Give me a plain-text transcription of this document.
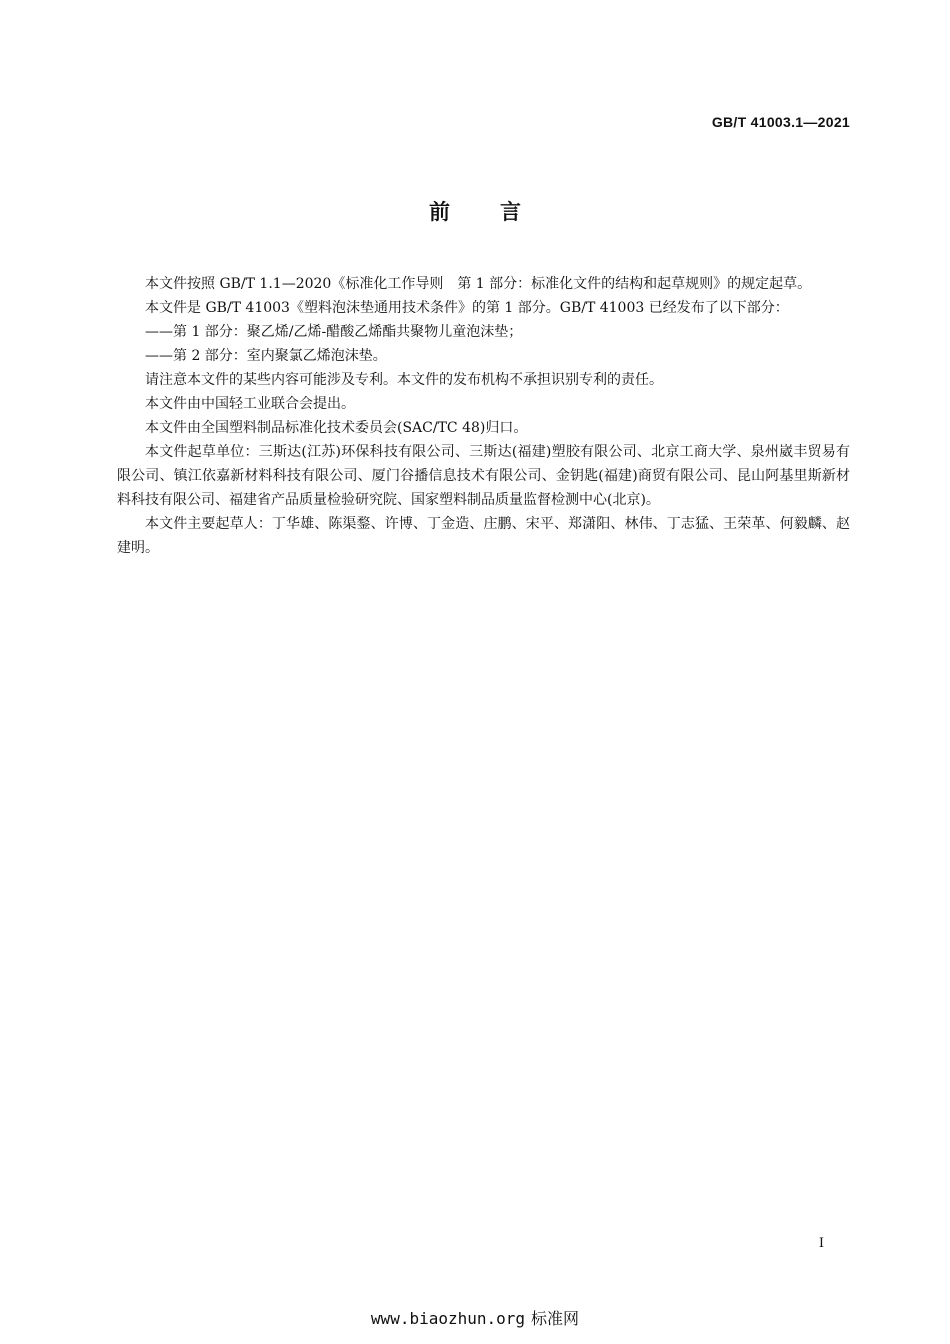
GB/T 41003.1—2021
前言

本文件按照 GB/T 1.1—2020《标准化工作导则　第 1 部分：标准化文件的结构和起草规则》的规定起草。

本文件是 GB/T 41003《塑料泡沫垫通用技术条件》的第 1 部分。GB/T 41003 已经发布了以下部分：

——第 1 部分：聚乙烯/乙烯-醋酸乙烯酯共聚物儿童泡沫垫；

——第 2 部分：室内聚氯乙烯泡沫垫。

请注意本文件的某些内容可能涉及专利。本文件的发布机构不承担识别专利的责任。

本文件由中国轻工业联合会提出。

本文件由全国塑料制品标准化技术委员会(SAC/TC 48)归口。

本文件起草单位：三斯达(江苏)环保科技有限公司、三斯达(福建)塑胶有限公司、北京工商大学、泉州崴丰贸易有限公司、镇江依嘉新材料科技有限公司、厦门谷播信息技术有限公司、金钥匙(福建)商贸有限公司、昆山阿基里斯新材料科技有限公司、福建省产品质量检验研究院、国家塑料制品质量监督检测中心(北京)。

本文件主要起草人：丁华雄、陈渠鍪、许博、丁金造、庄鹏、宋平、郑潇阳、林伟、丁志猛、王荣革、何毅麟、赵建明。

I
www.biaozhun.org 标准网
